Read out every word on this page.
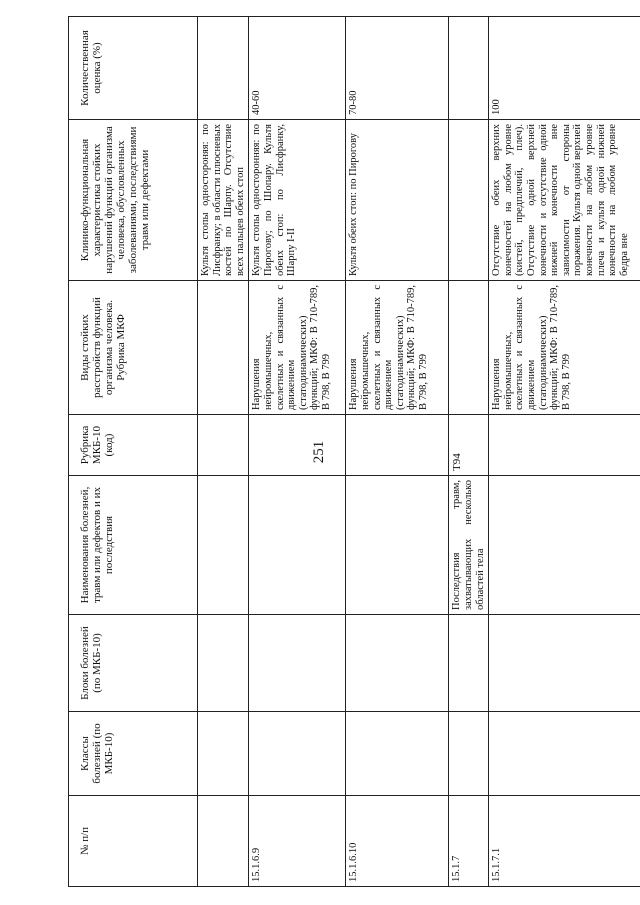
251
№ п/п	Классы болезней (по МКБ-10)	Блоки болезней (по МКБ-10)	Наименования болезней, травм или дефектов и их последствия	Рубрика МКБ-10 (код)	Виды стойких расстройств функций организма человека. Рубрика МКФ	Клинико-функциональная характеристика стойких нарушений функций организма человека, обусловленных заболеваниями, последствиями травм или дефектами	Количественная оценка (%)
						Культя стопы одностороняя: по Лисфранку; в области плюсневых костей по Шарпу. Отсутствие всех пальцев обеих стоп	
15.1.6.9					Нарушения нейромышечных, скелетных и связанных с движением (статодинамических) функций; МКФ: В 710-789, В 798, В 799	Культя стопы односторонняя: по Пирогову; по Шопару. Культя обеих стоп: по Лисфранку, Шарпу I-II	40-60
15.1.6.10					Нарушения нейромышечных, скелетных и связанных с движением (статодинамических) функций; МКФ: В 710-789, В 798, В 799	Культя обеих стоп: по Пирогову	70-80
15.1.7			Последствия травм, захватывающих несколько областей тела	Т94			
15.1.7.1					Нарушения нейромышечных, скелетных и связанных с движением (статодинамических) функций; МКФ: В 710-789, В 798, В 799	Отсутствие обеих верхних конечностей на любом уровне (кистей, предплечий, плеч). Отсутствие одной верхней конечности и отсутствие одной нижней конечности вне зависимости от стороны поражения. Культя одной верхней конечности на любом уровне плеча и культя одной нижней конечности на любом уровне бедра вне	100
